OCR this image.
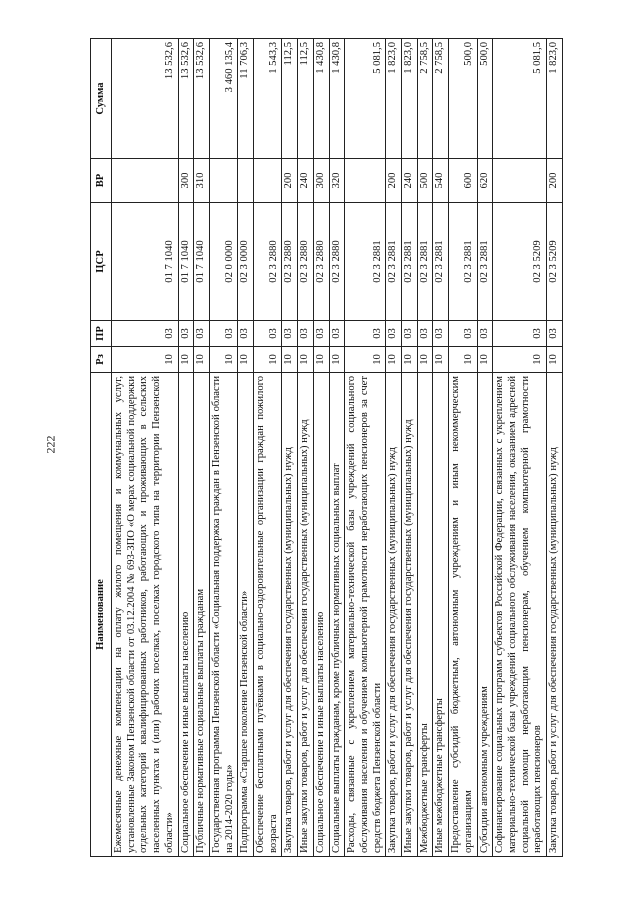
222
Наименование	Рз	ПР	ЦСР	ВР	Сумма
Ежемесячные денежные компенсации на оплату жилого помещения и коммунальных услуг, установленные Законом Пензенской области от 03.12.2004 № 693-ЗПО «О мерах социальной поддержки отдельных категорий квалифицированных работников, работающих и проживающих в сельских населенных пунктах и (или) рабочих поселках, поселках городского типа на территории Пензенской области»	10	03	01 7 1040		13 532,6
Социальное обеспечение и иные выплаты населению	10	03	01 7 1040	300	13 532,6
Публичные нормативные социальные выплаты гражданам	10	03	01 7 1040	310	13 532,6
Государственная программа Пензенской области «Социальная поддержка граждан в Пензенской области на 2014-2020 годы»	10	03	02 0 0000		3 460 135,4
Подпрограмма «Старшее поколение Пензенской области»	10	03	02 3 0000		11 706,3
Обеспечение бесплатными путёвками в социально-оздоровительные организации граждан пожилого возраста	10	03	02 3 2880		1 543,3
Закупка товаров, работ и услуг для обеспечения государственных (муниципальных) нужд	10	03	02 3 2880	200	112,5
Иные закупки товаров, работ и услуг для обеспечения государственных (муниципальных) нужд	10	03	02 3 2880	240	112,5
Социальное обеспечение и иные выплаты населению	10	03	02 3 2880	300	1 430,8
Социальные выплаты гражданам, кроме публичных нормативных социальных выплат	10	03	02 3 2880	320	1 430,8
Расходы, связанные с укреплением материально-технической базы учреждений социального обслуживания населения и обучением компьютерной грамотности неработающих пенсионеров за счет средств бюджета Пензенской области	10	03	02 3 2881		5 081,5
Закупка товаров, работ и услуг для обеспечения государственных (муниципальных) нужд	10	03	02 3 2881	200	1 823,0
Иные закупки товаров, работ и услуг для обеспечения государственных (муниципальных) нужд	10	03	02 3 2881	240	1 823,0
Межбюджетные трансферты	10	03	02 3 2881	500	2 758,5
Иные межбюджетные трансферты	10	03	02 3 2881	540	2 758,5
Предоставление субсидий бюджетным, автономным учреждениям и иным некоммерческим организациям	10	03	02 3 2881	600	500,0
Субсидии автономным учреждениям	10	03	02 3 2881	620	500,0
Софинансирование социальных программ субъектов Российской Федерации, связанных с укреплением материально-технической базы учреждений социального обслуживания населения, оказанием адресной социальной помощи неработающим пенсионерам, обучением компьютерной грамотности неработающих пенсионеров	10	03	02 3 5209		5 081,5
Закупка товаров, работ и услуг для обеспечения государственных (муниципальных) нужд	10	03	02 3 5209	200	1 823,0
